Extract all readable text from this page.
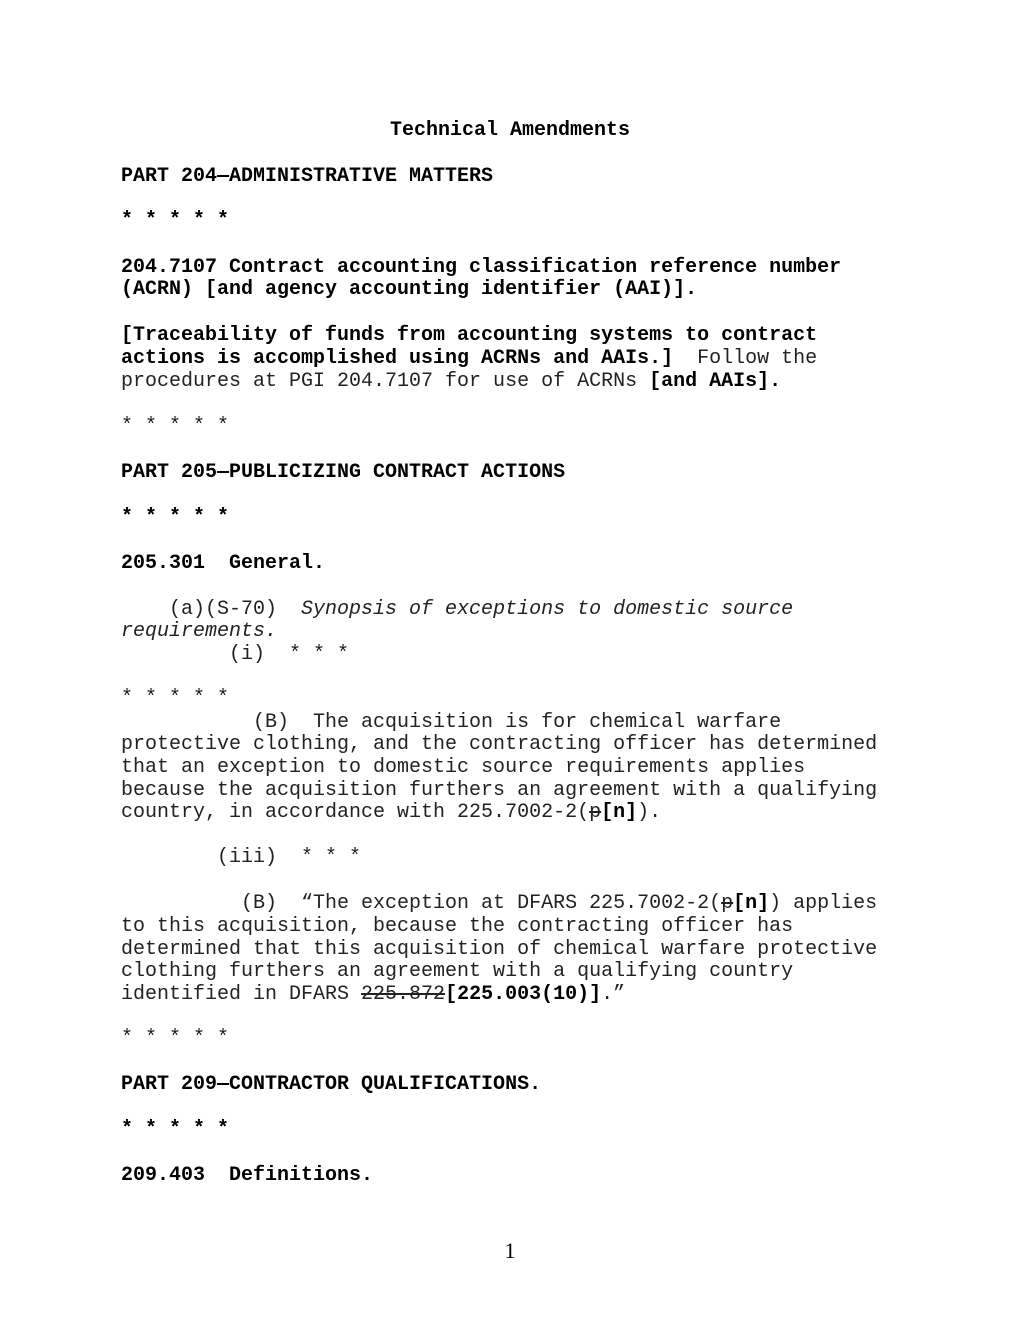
Technical Amendments
PART 204—ADMINISTRATIVE MATTERS
* * * * *
204.7107 Contract accounting classification reference number
(ACRN) [and agency accounting identifier (AAI)].
[Traceability of funds from accounting systems to contract
actions is accomplished using ACRNs and AAIs.]  Follow the
procedures at PGI 204.7107 for use of ACRNs [and AAIs].
* * * * *
PART 205—PUBLICIZING CONTRACT ACTIONS
* * * * *
205.301  General.
(a)(S-70)  Synopsis of exceptions to domestic source
requirements.
(i)  * * *
* * * * *
(B)  The acquisition is for chemical warfare
protective clothing, and the contracting officer has determined
that an exception to domestic source requirements applies
because the acquisition furthers an agreement with a qualifying
country, in accordance with 225.7002-2(p[n]).
(iii)  * * *
(B)  “The exception at DFARS 225.7002-2(p[n]) applies
to this acquisition, because the contracting officer has
determined that this acquisition of chemical warfare protective
clothing furthers an agreement with a qualifying country
identified in DFARS 225.872[225.003(10)].”
* * * * *
PART 209—CONTRACTOR QUALIFICATIONS.
* * * * *
209.403  Definitions.
1
